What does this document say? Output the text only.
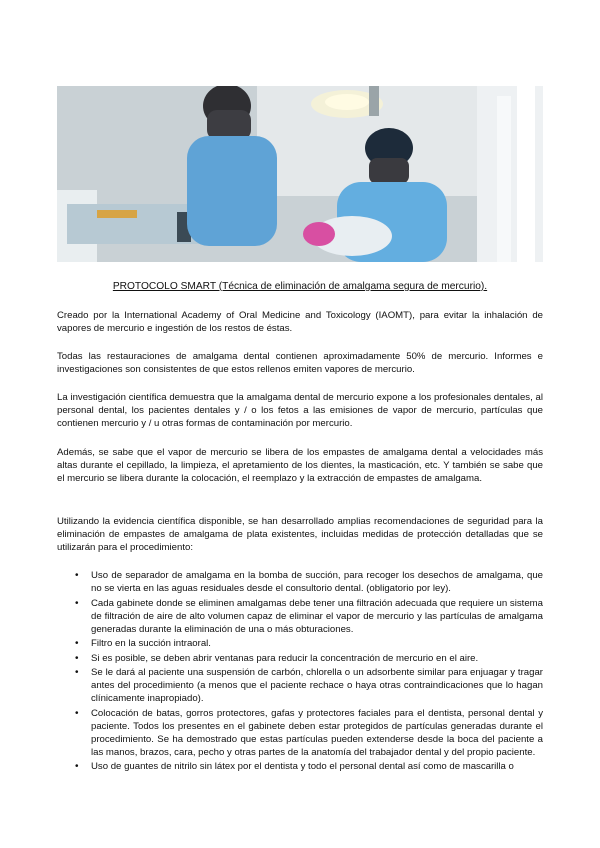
PROTOCOLO SMART (Técnica de eliminación de amalgama segura de mercurio).

Creado por la International Academy of Oral Medicine and Toxicology (IAOMT), para evitar la inhalación de vapores de mercurio e ingestión de los restos de éstas.

Todas las restauraciones de amalgama dental contienen aproximadamente 50% de mercurio. Informes e investigaciones son consistentes de que estos rellenos emiten vapores de mercurio.

La investigación científica demuestra que la amalgama dental de mercurio expone a los profesionales dentales, al personal dental, los pacientes dentales y / o los fetos a las emisiones de vapor de mercurio, partículas que contienen mercurio y / u otras formas de contaminación por mercurio.

Además, se sabe que el vapor de mercurio se libera de los empastes de amalgama dental a velocidades más altas durante el cepillado, la limpieza, el apretamiento de los dientes, la masticación, etc. Y también se sabe que el mercurio se libera durante la colocación, el reemplazo y la extracción de empastes de amalgama.

Utilizando la evidencia científica disponible, se han desarrollado amplias recomendaciones de seguridad para la eliminación de empastes de amalgama de plata existentes, incluidas medidas de protección detalladas que se utilizarán para el procedimiento:

• Uso de separador de amalgama en la bomba de succión, para recoger los desechos de amalgama, que no se vierta en las aguas residuales desde el consultorio dental. (obligatorio por ley).
• Cada gabinete donde se eliminen amalgamas debe tener una filtración adecuada que requiere un sistema de filtración de aire de alto volumen capaz de eliminar el vapor de mercurio y las partículas de amalgama generadas durante la eliminación de una o más obturaciones.
• Filtro en la succión intraoral.
• Si es posible, se deben abrir ventanas para reducir la concentración de mercurio en el aire.
• Se le dará al paciente una suspensión de carbón, chlorella o un adsorbente similar para enjuagar y tragar antes del procedimiento (a menos que el paciente rechace o haya otras contraindicaciones que lo hagan clínicamente inapropiado).
• Colocación de batas, gorros protectores, gafas y protectores faciales para el dentista, personal dental y paciente. Todos los presentes en el gabinete deben estar protegidos de partículas generadas durante el procedimiento. Se ha demostrado que estas partículas pueden extenderse desde la boca del paciente a las manos, brazos, cara, pecho y otras partes de la anatomía del trabajador dental y del propio paciente.
• Uso de guantes de nitrilo sin látex por el dentista y todo el personal dental así como de mascarilla o
